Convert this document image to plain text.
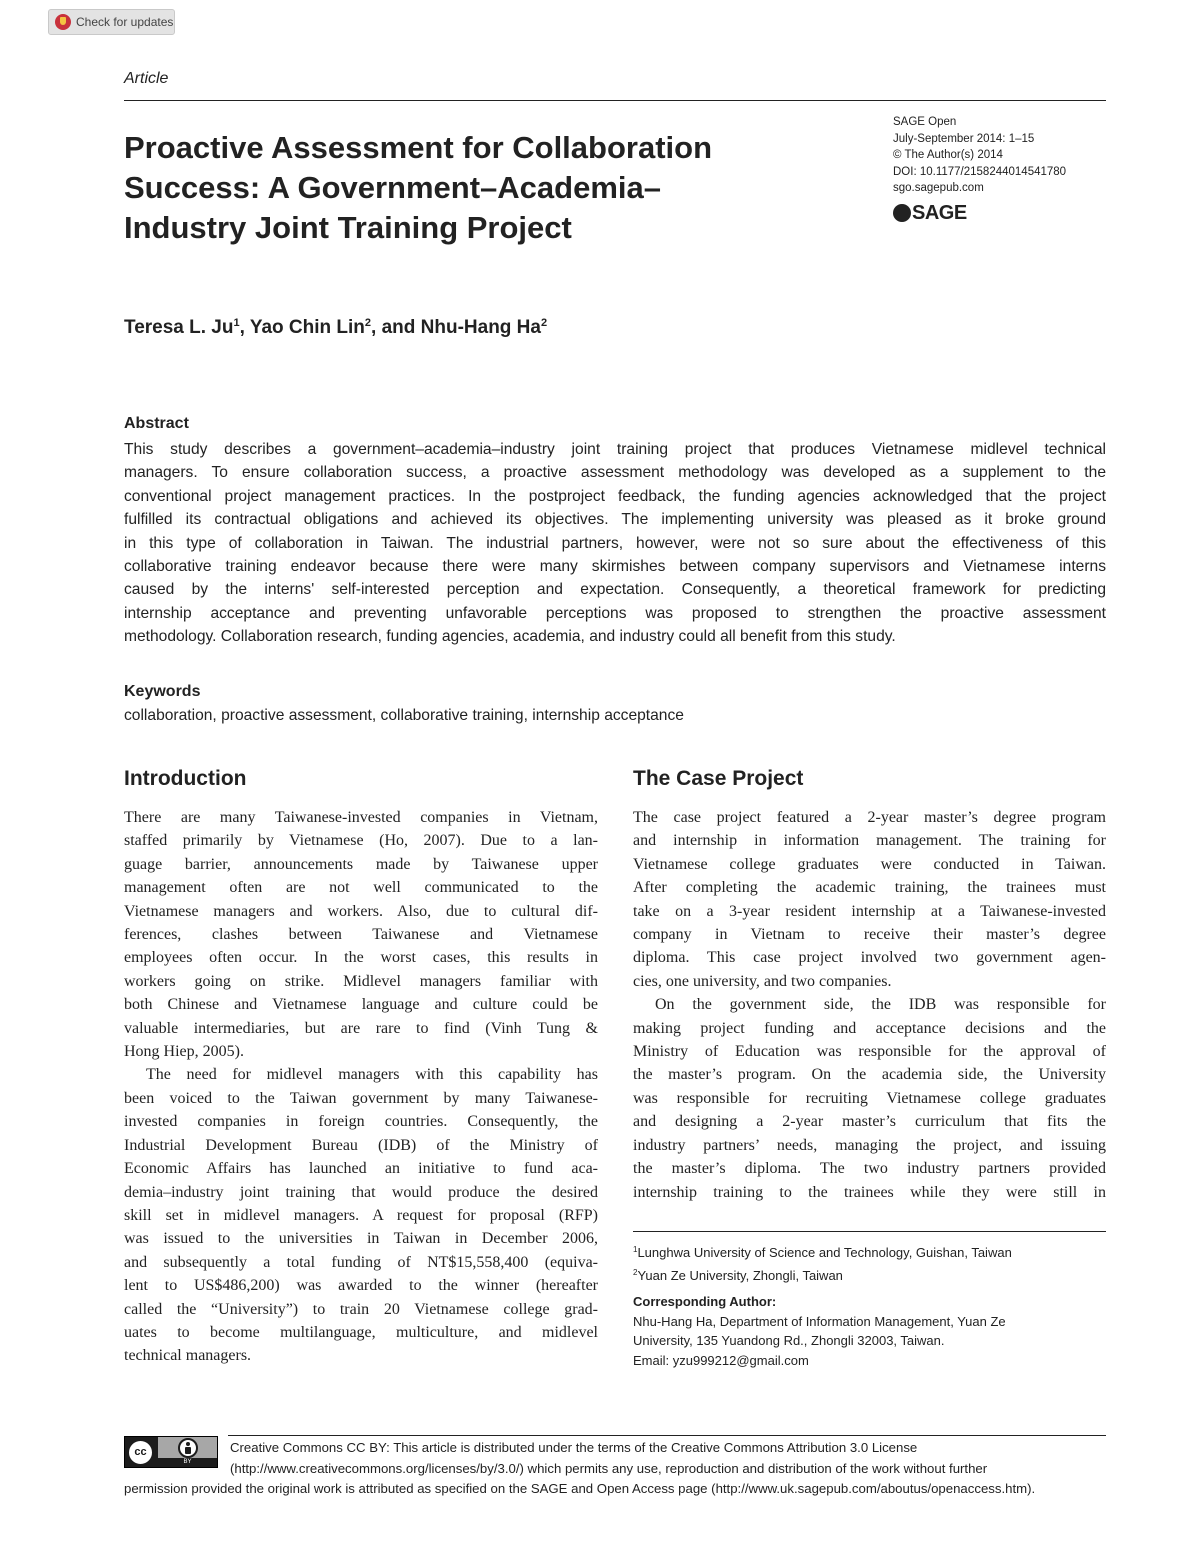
Check for updates
Article
Proactive Assessment for Collaboration
Success: A Government–Academia–
Industry Joint Training Project
SAGE Open
July-September 2014: 1–15
© The Author(s) 2014
DOI: 10.1177/2158244014541780
sgo.sagepub.com
SAGE
Teresa L. Ju$^1$, Yao Chin Lin$^2$, and Nhu-Hang Ha$^2$
Abstract
This study describes a government–academia–industry joint training project that produces Vietnamese midlevel technical
managers. To ensure collaboration success, a proactive assessment methodology was developed as a supplement to the
conventional project management practices. In the postproject feedback, the funding agencies acknowledged that the project
fulfilled its contractual obligations and achieved its objectives. The implementing university was pleased as it broke ground
in this type of collaboration in Taiwan. The industrial partners, however, were not so sure about the effectiveness of this
collaborative training endeavor because there were many skirmishes between company supervisors and Vietnamese interns
caused by the interns' self-interested perception and expectation. Consequently, a theoretical framework for predicting
internship acceptance and preventing unfavorable perceptions was proposed to strengthen the proactive assessment
methodology. Collaboration research, funding agencies, academia, and industry could all benefit from this study.
Keywords
collaboration, proactive assessment, collaborative training, internship acceptance
Introduction	The Case Project
There are many Taiwanese-invested companies in Vietnam,
staffed primarily by Vietnamese (Ho, 2007). Due to a lan-
guage barrier, announcements made by Taiwanese upper
management often are not well communicated to the
Vietnamese managers and workers. Also, due to cultural dif-
ferences, clashes between Taiwanese and Vietnamese
employees often occur. In the worst cases, this results in
workers going on strike. Midlevel managers familiar with
both Chinese and Vietnamese language and culture could be
valuable intermediaries, but are rare to find (Vinh Tung &
Hong Hiep, 2005).
The need for midlevel managers with this capability has
been voiced to the Taiwan government by many Taiwanese-
invested companies in foreign countries. Consequently, the
Industrial Development Bureau (IDB) of the Ministry of
Economic Affairs has launched an initiative to fund aca-
demia–industry joint training that would produce the desired
skill set in midlevel managers. A request for proposal (RFP)
was issued to the universities in Taiwan in December 2006,
and subsequently a total funding of NT$15,558,400 (equiva-
lent to US$486,200) was awarded to the winner (hereafter
called the “University”) to train 20 Vietnamese college grad-
uates to become multilanguage, multiculture, and midlevel
technical managers.
The case project featured a 2-year master’s degree program
and internship in information management. The training for
Vietnamese college graduates were conducted in Taiwan.
After completing the academic training, the trainees must
take on a 3-year resident internship at a Taiwanese-invested
company in Vietnam to receive their master’s degree
diploma. This case project involved two government agen-
cies, one university, and two companies.
On the government side, the IDB was responsible for
making project funding and acceptance decisions and the
Ministry of Education was responsible for the approval of
the master’s program. On the academia side, the University
was responsible for recruiting Vietnamese college graduates
and designing a 2-year master’s curriculum that fits the
industry partners’ needs, managing the project, and issuing
the master’s diploma. The two industry partners provided
internship training to the trainees while they were still in
$^1$Lunghwa University of Science and Technology, Guishan, Taiwan
$^2$Yuan Ze University, Zhongli, Taiwan
Corresponding Author:
Nhu-Hang Ha, Department of Information Management, Yuan Ze
University, 135 Yuandong Rd., Zhongli 32003, Taiwan.
Email: yzu999212@gmail.com
cc
BY
Creative Commons CC BY: This article is distributed under the terms of the Creative Commons Attribution 3.0 License
(http://www.creativecommons.org/licenses/by/3.0/) which permits any use, reproduction and distribution of the work without further
permission provided the original work is attributed as specified on the SAGE and Open Access page (http://www.uk.sagepub.com/aboutus/openaccess.htm).
